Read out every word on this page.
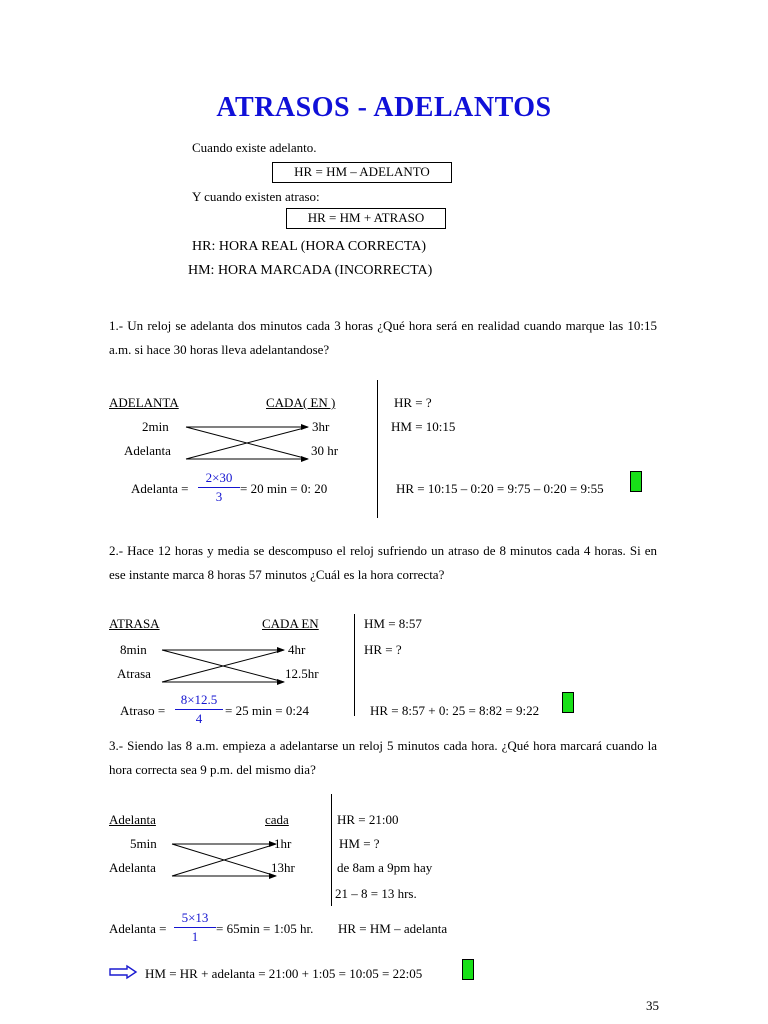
ATRASOS - ADELANTOS
Cuando existe adelanto.
HR = HM – ADELANTO
Y cuando existen atraso:
HR = HM + ATRASO
HR: HORA REAL (HORA CORRECTA)
HM: HORA MARCADA (INCORRECTA)
1.- Un reloj se adelanta dos minutos cada 3 horas ¿Qué hora será en realidad cuando marque las 10:15 a.m. si hace 30 horas lleva adelantandose?
ADELANTA	CADA( EN )
2min	3hr
Adelanta	30 hr
Adelanta =
2×30
3
= 20 min = 0: 20
HR = ?
HM = 10:15
HR = 10:15 – 0:20 = 9:75 – 0:20 = 9:55
2.- Hace 12 horas y media se descompuso el reloj sufriendo un atraso de 8 minutos cada 4 horas. Si en ese instante marca 8 horas 57 minutos ¿Cuál es la hora correcta?
ATRASA	CADA EN
8min	4hr
Atrasa	12.5hr
Atraso =
8×12.5
4
= 25 min = 0:24
HM = 8:57
HR = ?
HR = 8:57 + 0: 25 = 8:82 = 9:22
3.- Siendo las 8 a.m. empieza a adelantarse un reloj 5 minutos cada hora. ¿Qué hora marcará cuando la hora correcta sea 9 p.m. del mismo dia?
Adelanta	cada
5min	1hr
Adelanta	13hr
HR = 21:00
HM = ?
de 8am a 9pm hay
21 – 8 = 13 hrs.
Adelanta =
5×13
1
= 65min = 1:05 hr. HR = HM – adelanta
HM = HR + adelanta = 21:00 + 1:05 = 10:05 = 22:05
35
